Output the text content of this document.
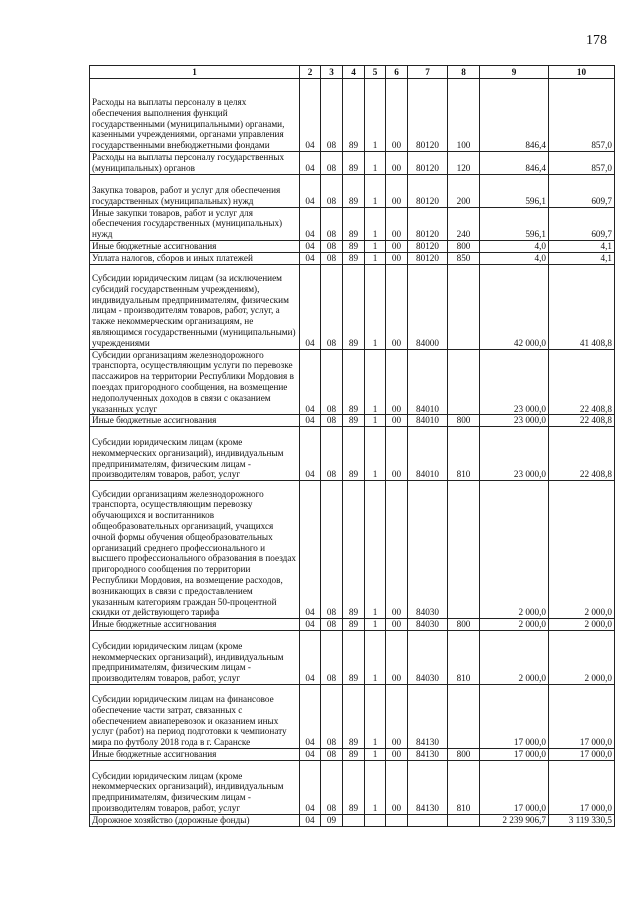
178
1	2	3	4	5	6	7	8	9	10
Расходы на выплаты персоналу в целях обеспечения выполнения функций государственными (муниципальными) органами, казенными учреждениями, органами управления государственными внебюджетными фондами	04	08	89	1	00	80120	100	846,4	857,0
Расходы на выплаты персоналу государственных (муниципальных) органов	04	08	89	1	00	80120	120	846,4	857,0
Закупка товаров, работ и услуг для обеспечения государственных (муниципальных) нужд	04	08	89	1	00	80120	200	596,1	609,7
Иные закупки товаров, работ и услуг для обеспечения государственных (муниципальных) нужд	04	08	89	1	00	80120	240	596,1	609,7
Иные бюджетные ассигнования	04	08	89	1	00	80120	800	4,0	4,1
Уплата налогов, сборов и иных платежей	04	08	89	1	00	80120	850	4,0	4,1
Субсидии юридическим лицам (за исключением субсидий государственным учреждениям), индивидуальным предпринимателям, физическим лицам - производителям товаров, работ, услуг, а также некоммерческим организациям, не являющимся государственными (муниципальными) учреждениями	04	08	89	1	00	84000		42 000,0	41 408,8
Субсидии организациям железнодорожного транспорта, осуществляющим услуги по перевозке пассажиров на территории Республики Мордовия в поездах пригородного сообщения, на возмещение недополученных доходов в связи с оказанием указанных услуг	04	08	89	1	00	84010		23 000,0	22 408,8
Иные бюджетные ассигнования	04	08	89	1	00	84010	800	23 000,0	22 408,8
Субсидии юридическим лицам (кроме некоммерческих организаций), индивидуальным предпринимателям, физическим лицам - производителям товаров, работ, услуг	04	08	89	1	00	84010	810	23 000,0	22 408,8
Субсидии организациям железнодорожного транспорта, осуществляющим перевозку обучающихся и воспитанников общеобразовательных организаций, учащихся очной формы обучения общеобразовательных организаций среднего профессионального и высшего профессионального образования в поездах пригородного сообщения по территории Республики Мордовия, на возмещение расходов, возникающих в связи с предоставлением указанным категориям граждан 50-процентной скидки от действующего тарифа	04	08	89	1	00	84030		2 000,0	2 000,0
Иные бюджетные ассигнования	04	08	89	1	00	84030	800	2 000,0	2 000,0
Субсидии юридическим лицам (кроме некоммерческих организаций), индивидуальным предпринимателям, физическим лицам - производителям товаров, работ, услуг	04	08	89	1	00	84030	810	2 000,0	2 000,0
Субсидии юридическим лицам на финансовое обеспечение части затрат, связанных с обеспечением авиаперевозок и оказанием иных услуг (работ) на период подготовки к чемпионату мира по футболу 2018 года в г. Саранске	04	08	89	1	00	84130		17 000,0	17 000,0
Иные бюджетные ассигнования	04	08	89	1	00	84130	800	17 000,0	17 000,0
Субсидии юридическим лицам (кроме некоммерческих организаций), индивидуальным предпринимателям, физическим лицам - производителям товаров, работ, услуг	04	08	89	1	00	84130	810	17 000,0	17 000,0
Дорожное хозяйство (дорожные фонды)	04	09						2 239 906,7	3 119 330,5
